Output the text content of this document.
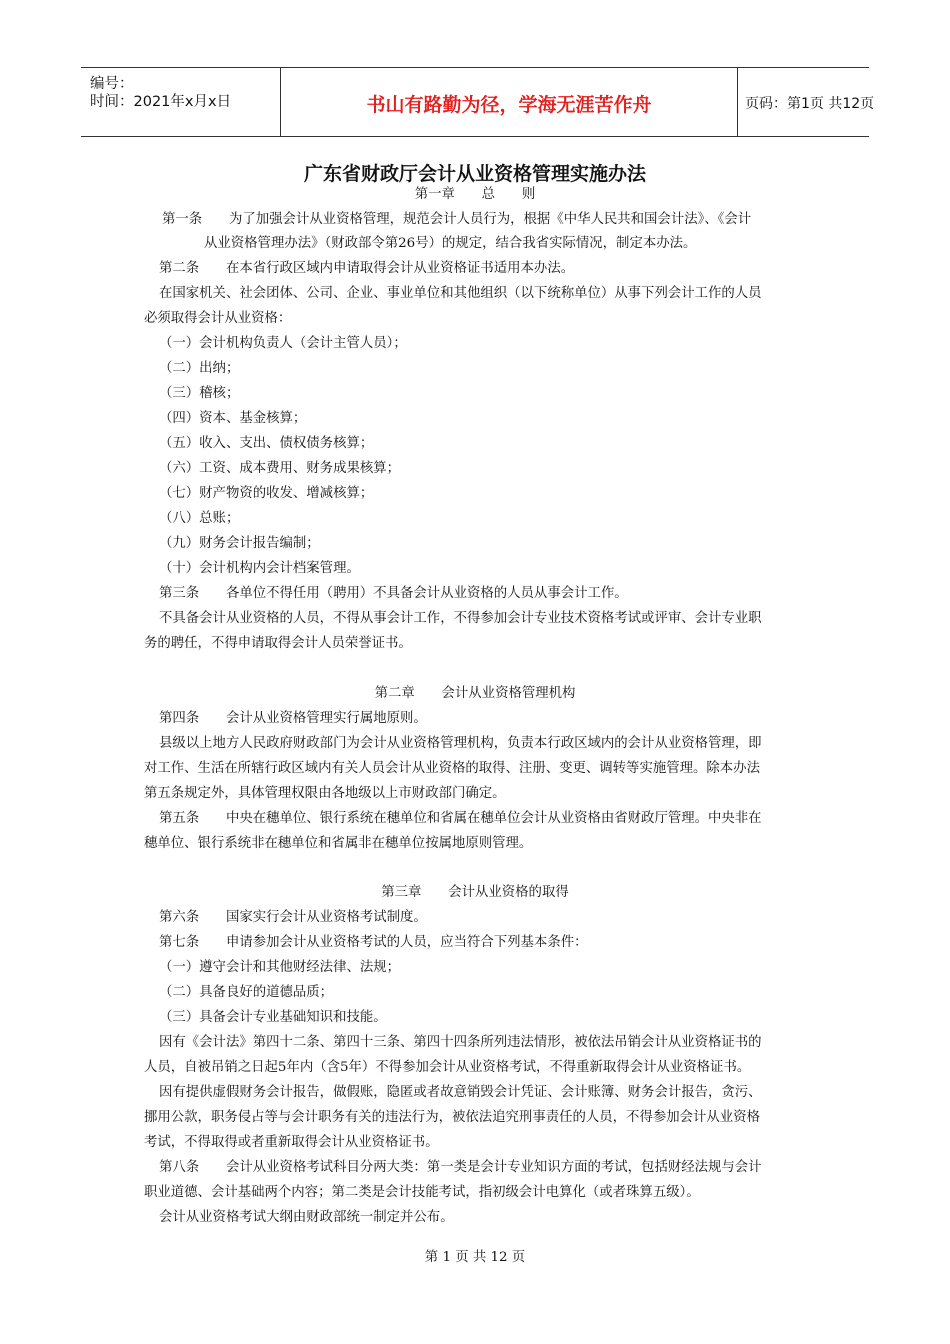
编号：
时间：2021年x月x日	书山有路勤为径，学海无涯苦作舟	页码：第1页 共12页
广东省财政厅会计从业资格管理实施办法
第一章　　总　　则
第一条　　为了加强会计从业资格管理，规范会计人员行为，根据《中华人民共和国会计法》、《会计
从业资格管理办法》（财政部令第26号）的规定，结合我省实际情况，制定本办法。
第二条　　在本省行政区域内申请取得会计从业资格证书适用本办法。
在国家机关、社会团体、公司、企业、事业单位和其他组织（以下统称单位）从事下列会计工作的人员
必须取得会计从业资格：
（一）会计机构负责人（会计主管人员）；
（二）出纳；
（三）稽核；
（四）资本、基金核算；
（五）收入、支出、债权债务核算；
（六）工资、成本费用、财务成果核算；
（七）财产物资的收发、增减核算；
（八）总账；
（九）财务会计报告编制；
（十）会计机构内会计档案管理。
第三条　　各单位不得任用（聘用）不具备会计从业资格的人员从事会计工作。
不具备会计从业资格的人员，不得从事会计工作，不得参加会计专业技术资格考试或评审、会计专业职
务的聘任，不得申请取得会计人员荣誉证书。
第二章　　会计从业资格管理机构
第四条　　会计从业资格管理实行属地原则。
县级以上地方人民政府财政部门为会计从业资格管理机构，负责本行政区域内的会计从业资格管理，即
对工作、生活在所辖行政区域内有关人员会计从业资格的取得、注册、变更、调转等实施管理。除本办法
第五条规定外，具体管理权限由各地级以上市财政部门确定。
第五条　　中央在穗单位、银行系统在穗单位和省属在穗单位会计从业资格由省财政厅管理。中央非在
穗单位、银行系统非在穗单位和省属非在穗单位按属地原则管理。
第三章　　会计从业资格的取得
第六条　　国家实行会计从业资格考试制度。
第七条　　申请参加会计从业资格考试的人员，应当符合下列基本条件：
（一）遵守会计和其他财经法律、法规；
（二）具备良好的道德品质；
（三）具备会计专业基础知识和技能。
因有《会计法》第四十二条、第四十三条、第四十四条所列违法情形，被依法吊销会计从业资格证书的
人员，自被吊销之日起5年内（含5年）不得参加会计从业资格考试，不得重新取得会计从业资格证书。
因有提供虚假财务会计报告，做假账，隐匿或者故意销毁会计凭证、会计账簿、财务会计报告，贪污、
挪用公款，职务侵占等与会计职务有关的违法行为，被依法追究刑事责任的人员，不得参加会计从业资格
考试，不得取得或者重新取得会计从业资格证书。
第八条　　会计从业资格考试科目分两大类：第一类是会计专业知识方面的考试，包括财经法规与会计
职业道德、会计基础两个内容；第二类是会计技能考试，指初级会计电算化（或者珠算五级）。
会计从业资格考试大纲由财政部统一制定并公布。
第 1 页 共 12 页
